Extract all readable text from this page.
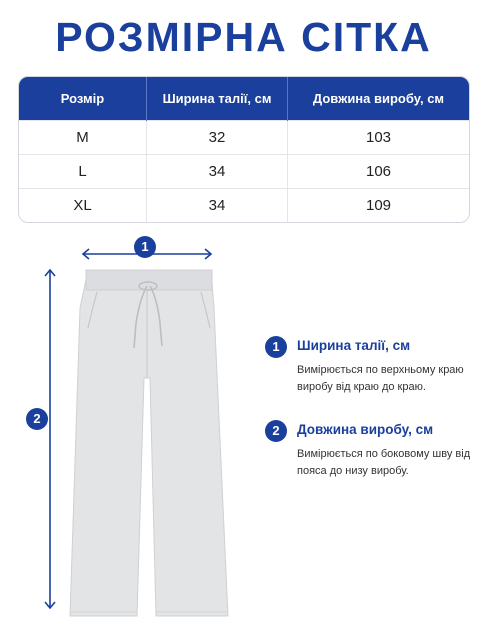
РОЗМІРНА СІТКА
Розмір	Ширина талії, см	Довжина виробу, см
M	32	103
L	34	106
XL	34	109
1
2
1	Ширина талії, см
Вимірюється по верхньому краю виробу від краю до краю.
2	Довжина виробу, см
Вимірюється по боковому шву від пояса до низу виробу.
